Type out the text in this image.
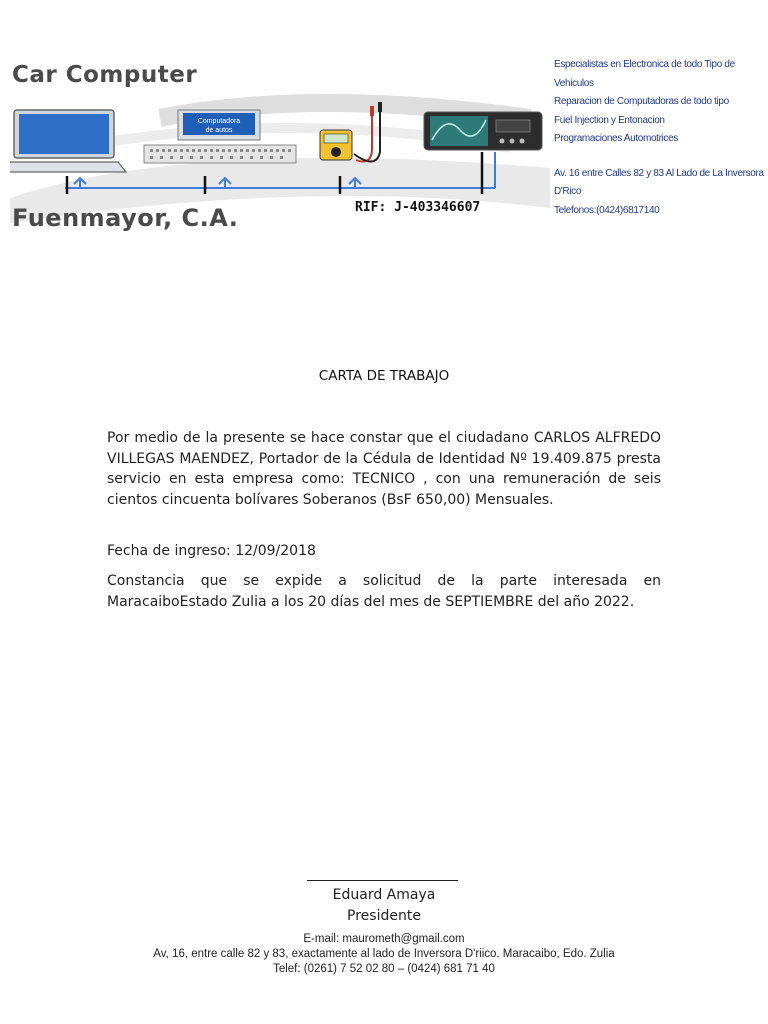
Computadora
de autos
Car Computer
Fuenmayor, C.A.	RIF: J-403346607
Especialistas en Electronica de todo Tipo de Vehiculos
Reparacion de Computadoras de todo tipo
Fuel Injection y Entonacion
Programaciones Automotrices
Av. 16 entre Calles 82 y 83 Al Lado de La Inversora D'Rico
Telefonos:(0424)6817140
CARTA DE TRABAJO
Por medio de la presente se hace constar que el ciudadano CARLOS ALFREDO VILLEGAS MAENDEZ, Portador de la Cédula de Identidad Nº 19.409.875 presta servicio en esta empresa como: TECNICO , con una remuneración de seis cientos cincuenta bolívares Soberanos (BsF 650,00) Mensuales.
Fecha de ingreso: 12/09/2018
Constancia que se expide a solicitud de la parte interesada en MaracaiboEstado Zulia a los 20 días del mes de SEPTIEMBRE del año 2022.
Eduard Amaya
Presidente
E-mail: maurometh@gmail.com
Av, 16, entre calle 82 y 83, exactamente al lado de Inversora D'riico. Maracaibo, Edo. Zulia
Telef: (0261) 7 52 02 80 – (0424) 681 71 40
